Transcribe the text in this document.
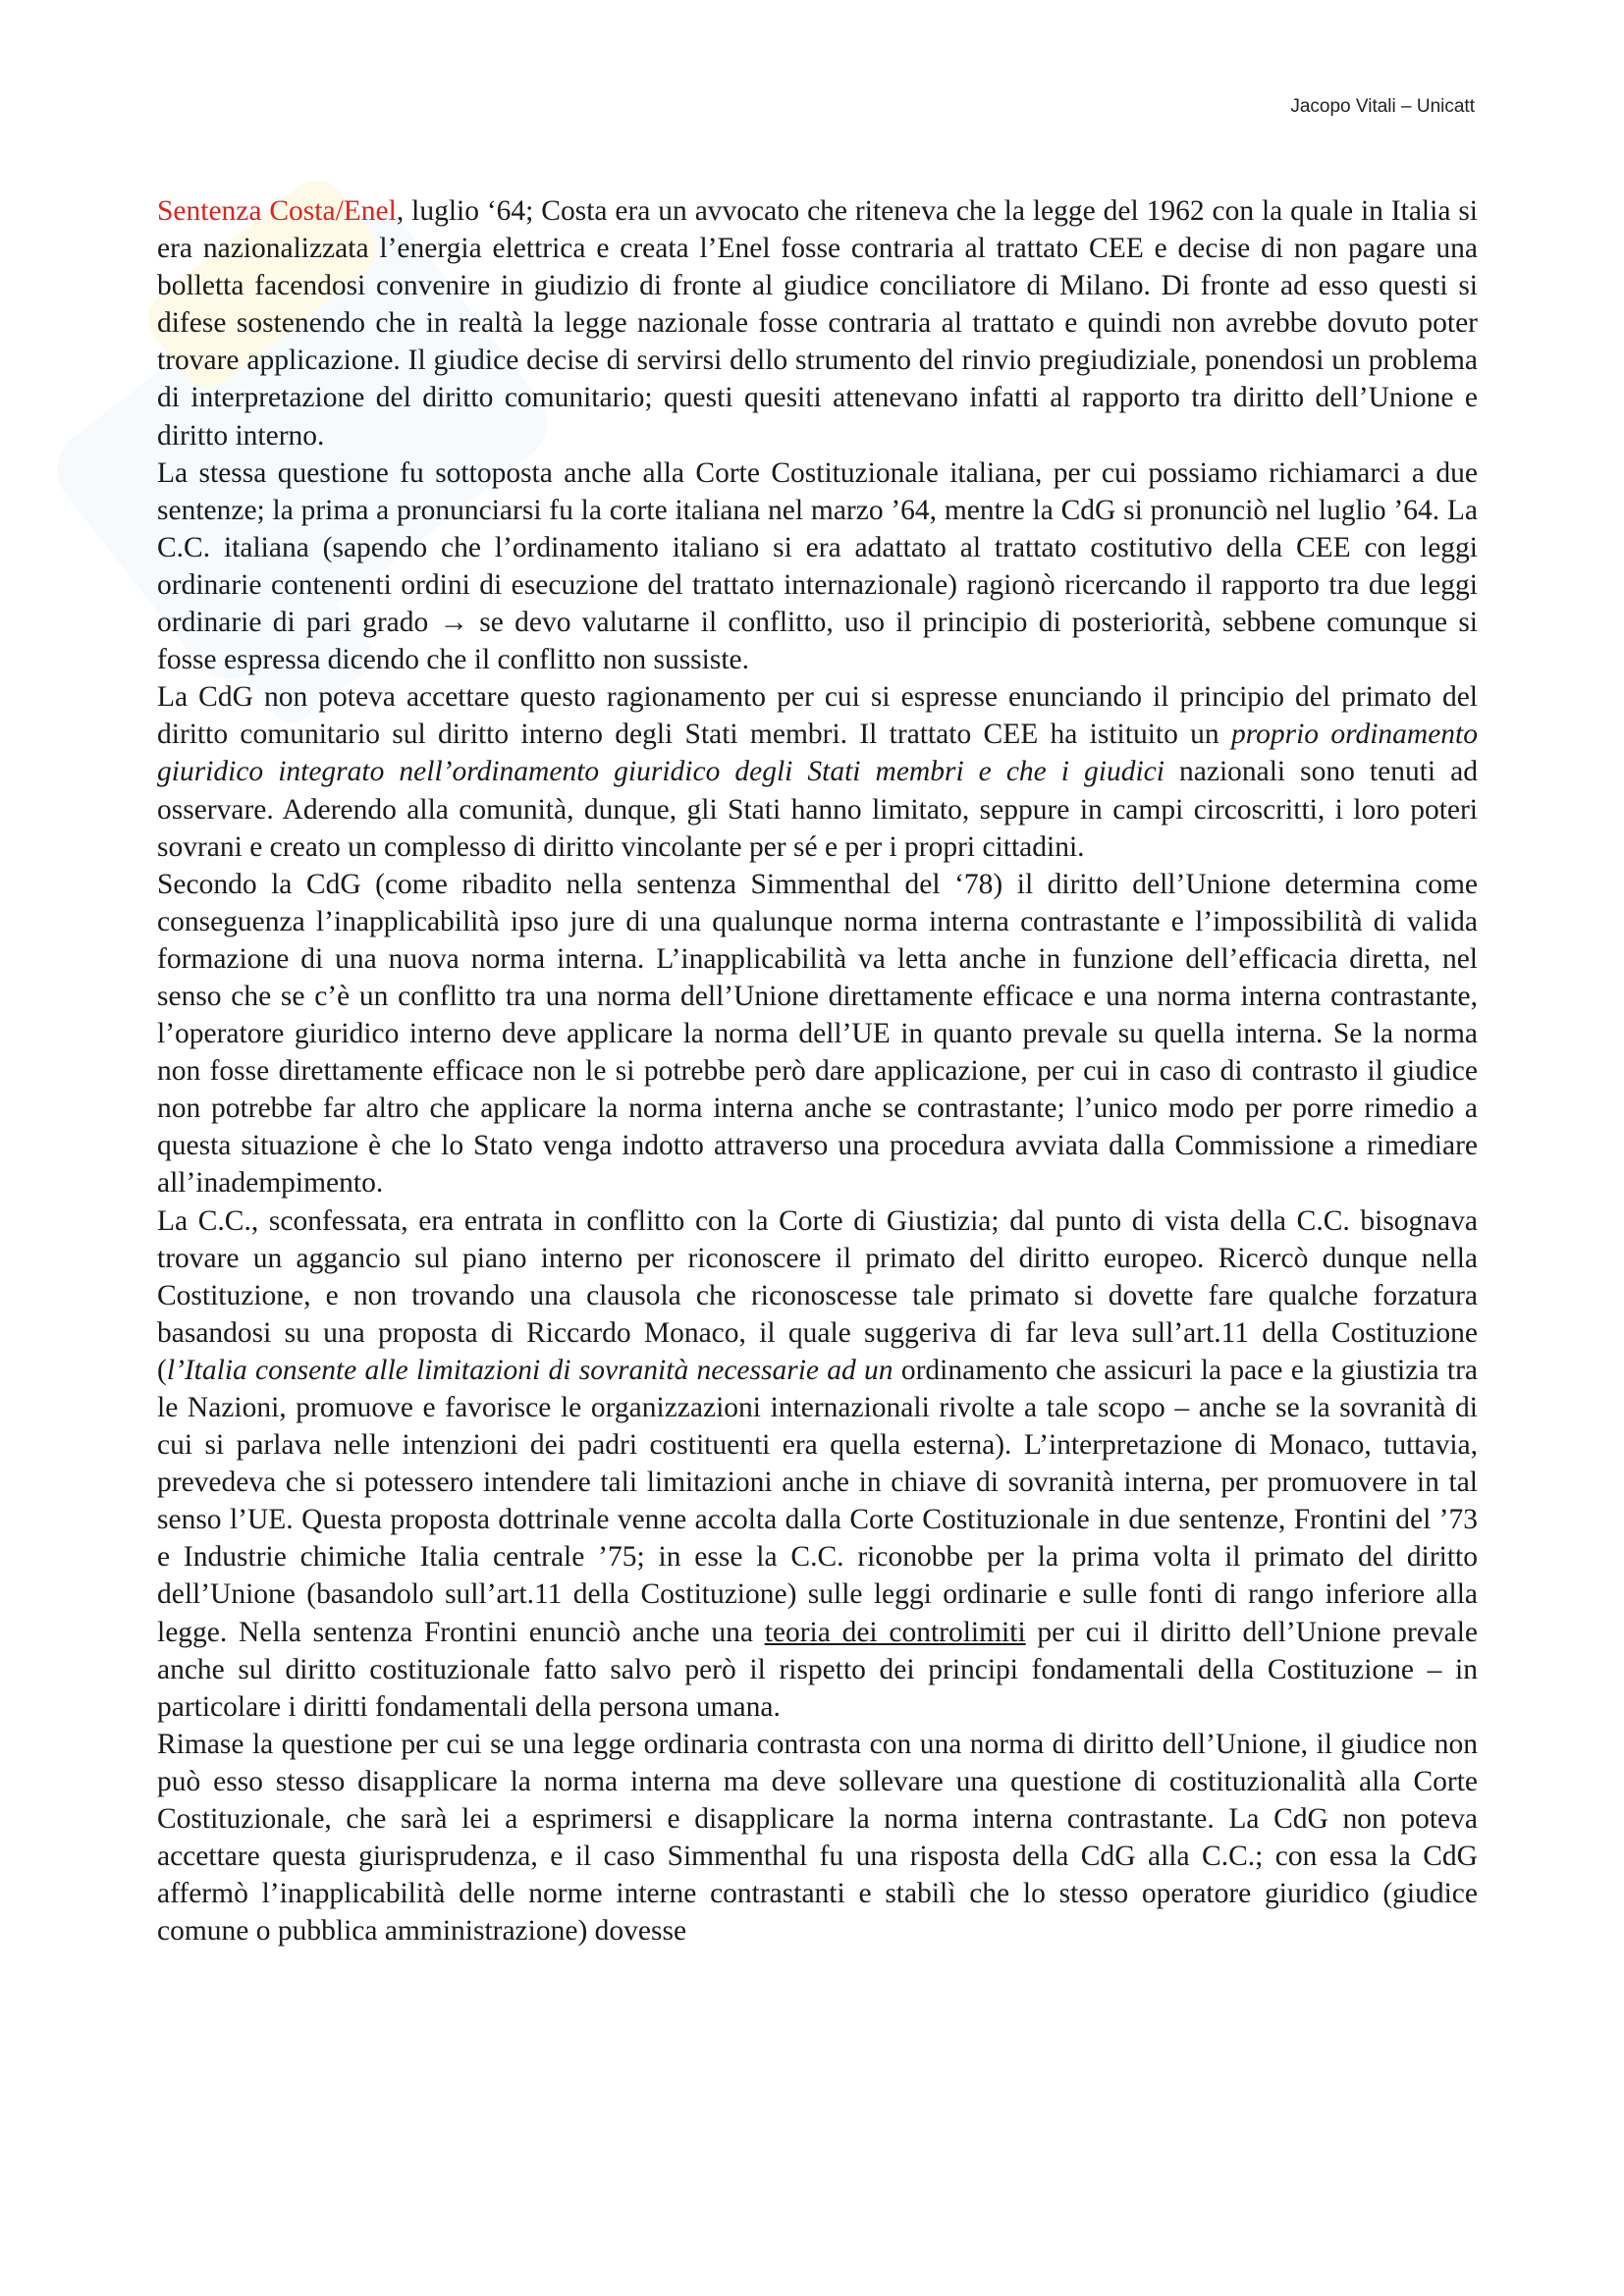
Jacopo Vitali – Unicatt

Sentenza Costa/Enel, luglio ‘64; Costa era un avvocato che riteneva che la legge del 1962 con la quale in Italia si era nazionalizzata l’energia elettrica e creata l’Enel fosse contraria al trattato CEE e decise di non pagare una bolletta facendosi convenire in giudizio di fronte al giudice conciliatore di Milano. Di fronte ad esso questi si difese sostenendo che in realtà la legge nazionale fosse contraria al trattato e quindi non avrebbe dovuto poter trovare applicazione. Il giudice decise di servirsi dello strumento del rinvio pregiudiziale, ponendosi un problema di interpretazione del diritto comunitario; questi quesiti attenevano infatti al rapporto tra diritto dell’Unione e diritto interno.

La stessa questione fu sottoposta anche alla Corte Costituzionale italiana, per cui possiamo richiamarci a due sentenze; la prima a pronunciarsi fu la corte italiana nel marzo ’64, mentre la CdG si pronunciò nel luglio ’64. La C.C. italiana (sapendo che l’ordinamento italiano si era adattato al trattato costitutivo della CEE con leggi ordinarie contenenti ordini di esecuzione del trattato internazionale) ragionò ricercando il rapporto tra due leggi ordinarie di pari grado → se devo valutarne il conflitto, uso il principio di posteriorità, sebbene comunque si fosse espressa dicendo che il conflitto non sussiste.

La CdG non poteva accettare questo ragionamento per cui si espresse enunciando il principio del primato del diritto comunitario sul diritto interno degli Stati membri. Il trattato CEE ha istituito un proprio ordinamento giuridico integrato nell’ordinamento giuridico degli Stati membri e che i giudici nazionali sono tenuti ad osservare. Aderendo alla comunità, dunque, gli Stati hanno limitato, seppure in campi circoscritti, i loro poteri sovrani e creato un complesso di diritto vincolante per sé e per i propri cittadini.

Secondo la CdG (come ribadito nella sentenza Simmenthal del ‘78) il diritto dell’Unione determina come conseguenza l’inapplicabilità ipso jure di una qualunque norma interna contrastante e l’impossibilità di valida formazione di una nuova norma interna. L’inapplicabilità va letta anche in funzione dell’efficacia diretta, nel senso che se c’è un conflitto tra una norma dell’Unione direttamente efficace e una norma interna contrastante, l’operatore giuridico interno deve applicare la norma dell’UE in quanto prevale su quella interna. Se la norma non fosse direttamente efficace non le si potrebbe però dare applicazione, per cui in caso di contrasto il giudice non potrebbe far altro che applicare la norma interna anche se contrastante; l’unico modo per porre rimedio a questa situazione è che lo Stato venga indotto attraverso una procedura avviata dalla Commissione a rimediare all’inadempimento.

La C.C., sconfessata, era entrata in conflitto con la Corte di Giustizia; dal punto di vista della C.C. bisognava trovare un aggancio sul piano interno per riconoscere il primato del diritto europeo. Ricercò dunque nella Costituzione, e non trovando una clausola che riconoscesse tale primato si dovette fare qualche forzatura basandosi su una proposta di Riccardo Monaco, il quale suggeriva di far leva sull’art.11 della Costituzione (l’Italia consente alle limitazioni di sovranità necessarie ad un ordinamento che assicuri la pace e la giustizia tra le Nazioni, promuove e favorisce le organizzazioni internazionali rivolte a tale scopo – anche se la sovranità di cui si parlava nelle intenzioni dei padri costituenti era quella esterna). L’interpretazione di Monaco, tuttavia, prevedeva che si potessero intendere tali limitazioni anche in chiave di sovranità interna, per promuovere in tal senso l’UE. Questa proposta dottrinale venne accolta dalla Corte Costituzionale in due sentenze, Frontini del ’73 e Industrie chimiche Italia centrale ’75; in esse la C.C. riconobbe per la prima volta il primato del diritto dell’Unione (basandolo sull’art.11 della Costituzione) sulle leggi ordinarie e sulle fonti di rango inferiore alla legge. Nella sentenza Frontini enunciò anche una teoria dei controlimiti per cui il diritto dell’Unione prevale anche sul diritto costituzionale fatto salvo però il rispetto dei principi fondamentali della Costituzione – in particolare i diritti fondamentali della persona umana.

Rimase la questione per cui se una legge ordinaria contrasta con una norma di diritto dell’Unione, il giudice non può esso stesso disapplicare la norma interna ma deve sollevare una questione di costituzionalità alla Corte Costituzionale, che sarà lei a esprimersi e disapplicare la norma interna contrastante. La CdG non poteva accettare questa giurisprudenza, e il caso Simmenthal fu una risposta della CdG alla C.C.; con essa la CdG affermò l’inapplicabilità delle norme interne contrastanti e stabilì che lo stesso operatore giuridico (giudice comune o pubblica amministrazione) dovesse
